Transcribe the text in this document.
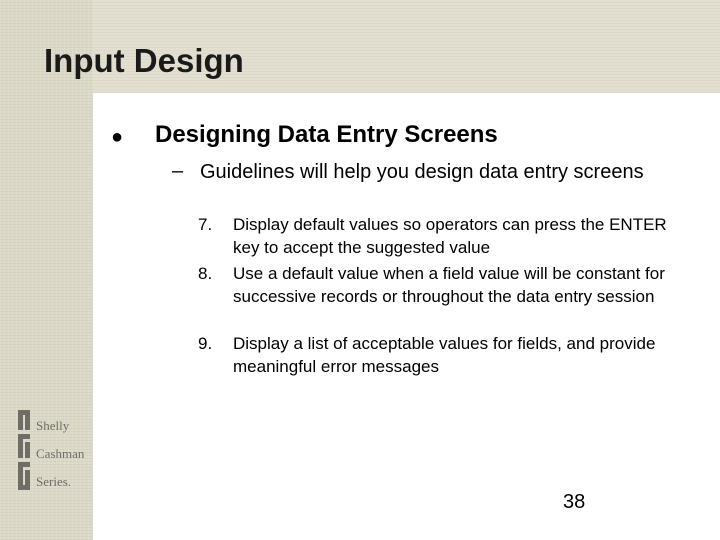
Input Design
● Designing Data Entry Screens
– Guidelines will help you design data entry screens
7. Display default values so operators can press the ENTER key to accept the suggested value
8. Use a default value when a field value will be constant for successive records or throughout the data entry session
9. Display a list of acceptable values for fields, and provide meaningful error messages
Shelly
Cashman
Series.
38
